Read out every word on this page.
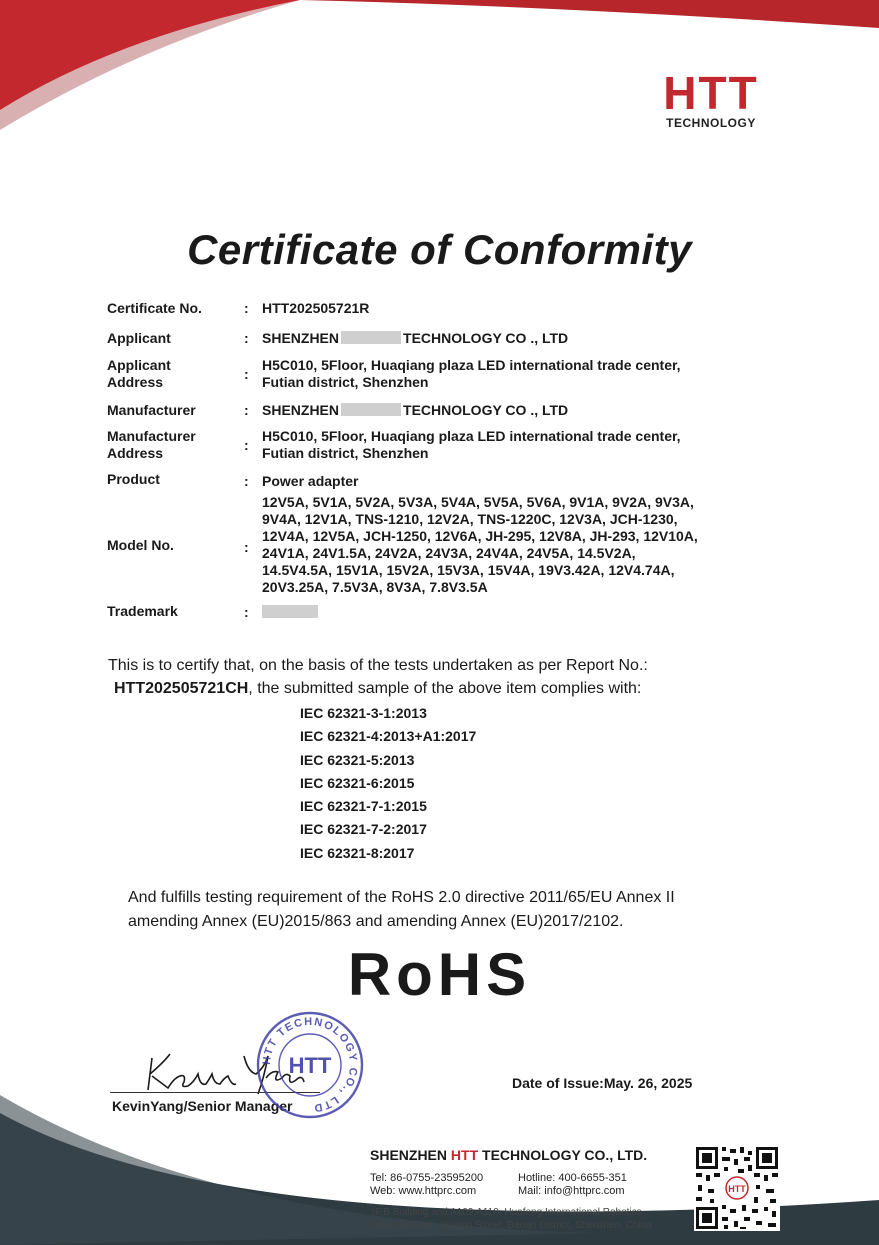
HTT
TECHNOLOGY
Certificate of Conformity
Certificate No.	: HTT202505721R
Applicant	: SHENZHEN	TECHNOLOGY CO ., LTD
Applicant
Address	:
H5C010, 5Floor, Huaqiang plaza LED international trade center,
Futian district, Shenzhen
Manufacturer	: SHENZHEN	TECHNOLOGY CO ., LTD
Manufacturer
Address	:
H5C010, 5Floor, Huaqiang plaza LED international trade center,
Futian district, Shenzhen
Product	: Power adapter
Model No.	:
12V5A, 5V1A, 5V2A, 5V3A, 5V4A, 5V5A, 5V6A, 9V1A, 9V2A, 9V3A,
9V4A, 12V1A, TNS-1210, 12V2A, TNS-1220C, 12V3A, JCH-1230,
12V4A, 12V5A, JCH-1250, 12V6A, JH-295, 12V8A, JH-293, 12V10A,
24V1A, 24V1.5A, 24V2A, 24V3A, 24V4A, 24V5A, 14.5V2A,
14.5V4.5A, 15V1A, 15V2A, 15V3A, 15V4A, 19V3.42A, 12V4.74A,
20V3.25A, 7.5V3A, 8V3A, 7.8V3.5A
Trademark	:
This is to certify that, on the basis of the tests undertaken as per Report No.:
HTT202505721CH, the submitted sample of the above item complies with:
IEC 62321-3-1:2013
IEC 62321-4:2013+A1:2017
IEC 62321-5:2013
IEC 62321-6:2015
IEC 62321-7-1:2015
IEC 62321-7-2:2017
IEC 62321-8:2017
And fulfills testing requirement of the RoHS 2.0 directive 2011/65/EU Annex II
amending Annex (EU)2015/863 and amending Annex (EU)2017/2102.
RoHS
KevinYang/Senior Manager
HTT TECHNOLOGY CO., LTD
HTT
Date of Issue:May. 26, 2025
SHENZHEN HTT TECHNOLOGY CO., LTD.
Tel: 86-0755-23595200
Web: www.httprc.com
Hotline: 400-6655-351
Mail: info@httprc.com
1F,B Building and A109,A110, Huafeng International Robotics
Industrial Park, Xixiang Street, Baoan District, Shenzhen, China
HTT
